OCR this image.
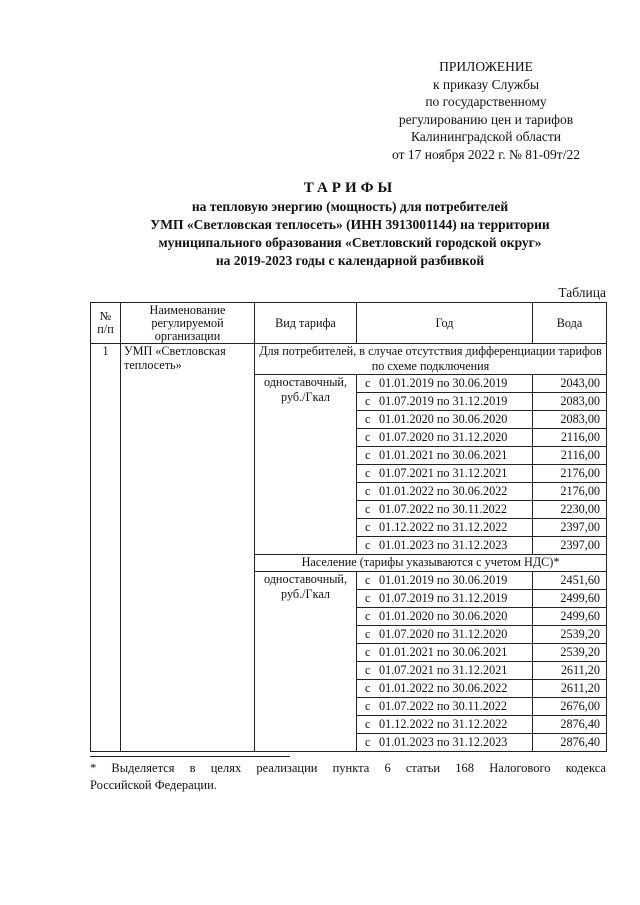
ПРИЛОЖЕНИЕ
к приказу Службы
по государственному
регулированию цен и тарифов
Калининградской области
от 17 ноября 2022 г. № 81-09т/22
ТАРИФЫ
на тепловую энергию (мощность) для потребителей
УМП «Светловская теплосеть» (ИНН 3913001144) на территории
муниципального образования «Светловский городской округ»
на 2019-2023 годы с календарной разбивкой
Таблица
№ п/п	Наименование регулируемой организации	Вид тарифа	Год	Вода
1	УМП «Светловская теплосеть»	Для потребителей, в случае отсутствия дифференциации тарифов по схеме подключения		
		одноставочный, руб./Гкал	с 01.01.2019 по 30.06.2019	2043,00
			с 01.07.2019 по 31.12.2019	2083,00
			с 01.01.2020 по 30.06.2020	2083,00
			с 01.07.2020 по 31.12.2020	2116,00
			с 01.01.2021 по 30.06.2021	2116,00
			с 01.07.2021 по 31.12.2021	2176,00
			с 01.01.2022 по 30.06.2022	2176,00
			с 01.07.2022 по 30.11.2022	2230,00
			с 01.12.2022 по 31.12.2022	2397,00
			с 01.01.2023 по 31.12.2023	2397,00
		Население (тарифы указываются с учетом НДС)*		
		одноставочный, руб./Гкал	с 01.01.2019 по 30.06.2019	2451,60
			с 01.07.2019 по 31.12.2019	2499,60
			с 01.01.2020 по 30.06.2020	2499,60
			с 01.07.2020 по 31.12.2020	2539,20
			с 01.01.2021 по 30.06.2021	2539,20
			с 01.07.2021 по 31.12.2021	2611,20
			с 01.01.2022 по 30.06.2022	2611,20
			с 01.07.2022 по 30.11.2022	2676,00
			с 01.12.2022 по 31.12.2022	2876,40
			с 01.01.2023 по 31.12.2023	2876,40
* Выделяется в целях реализации пункта 6 статьи 168 Налогового кодекса
Российской Федерации.
